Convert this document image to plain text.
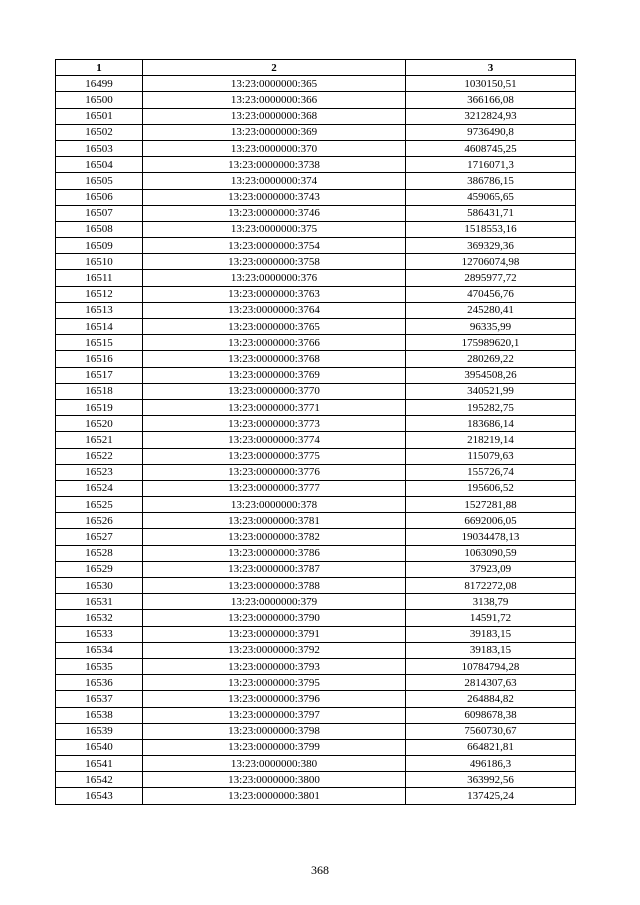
1	2	3
16499	13:23:0000000:365	1030150,51
16500	13:23:0000000:366	366166,08
16501	13:23:0000000:368	3212824,93
16502	13:23:0000000:369	9736490,8
16503	13:23:0000000:370	4608745,25
16504	13:23:0000000:3738	1716071,3
16505	13:23:0000000:374	386786,15
16506	13:23:0000000:3743	459065,65
16507	13:23:0000000:3746	586431,71
16508	13:23:0000000:375	1518553,16
16509	13:23:0000000:3754	369329,36
16510	13:23:0000000:3758	12706074,98
16511	13:23:0000000:376	2895977,72
16512	13:23:0000000:3763	470456,76
16513	13:23:0000000:3764	245280,41
16514	13:23:0000000:3765	96335,99
16515	13:23:0000000:3766	175989620,1
16516	13:23:0000000:3768	280269,22
16517	13:23:0000000:3769	3954508,26
16518	13:23:0000000:3770	340521,99
16519	13:23:0000000:3771	195282,75
16520	13:23:0000000:3773	183686,14
16521	13:23:0000000:3774	218219,14
16522	13:23:0000000:3775	115079,63
16523	13:23:0000000:3776	155726,74
16524	13:23:0000000:3777	195606,52
16525	13:23:0000000:378	1527281,88
16526	13:23:0000000:3781	6692006,05
16527	13:23:0000000:3782	19034478,13
16528	13:23:0000000:3786	1063090,59
16529	13:23:0000000:3787	37923,09
16530	13:23:0000000:3788	8172272,08
16531	13:23:0000000:379	3138,79
16532	13:23:0000000:3790	14591,72
16533	13:23:0000000:3791	39183,15
16534	13:23:0000000:3792	39183,15
16535	13:23:0000000:3793	10784794,28
16536	13:23:0000000:3795	2814307,63
16537	13:23:0000000:3796	264884,82
16538	13:23:0000000:3797	6098678,38
16539	13:23:0000000:3798	7560730,67
16540	13:23:0000000:3799	664821,81
16541	13:23:0000000:380	496186,3
16542	13:23:0000000:3800	363992,56
16543	13:23:0000000:3801	137425,24
368
